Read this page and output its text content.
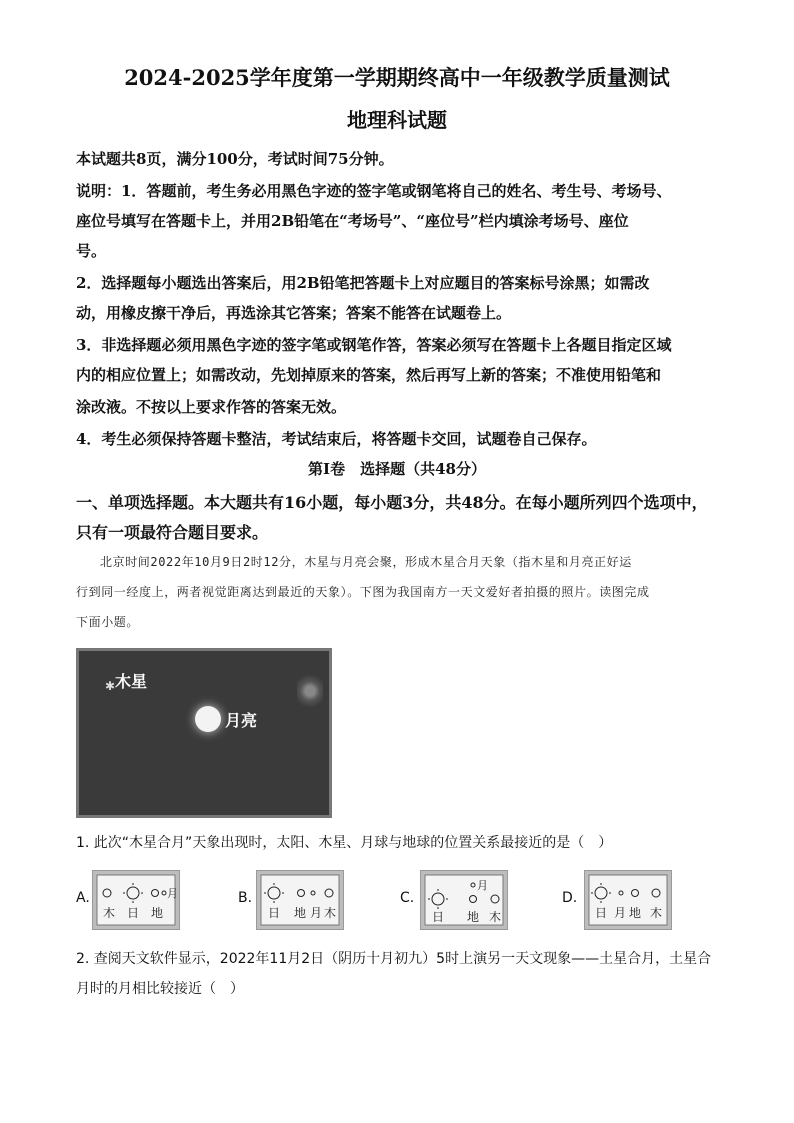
2024-2025学年度第一学期期终高中一年级教学质量测试
地理科试题
本试题共8页，满分100分，考试时间75分钟。
说明：1．答题前，考生务必用黑色字迹的签字笔或钢笔将自己的姓名、考生号、考场号、
座位号填写在答题卡上，并用2B铅笔在“考场号”、“座位号”栏内填涂考场号、座位
号。
2．选择题每小题选出答案后，用2B铅笔把答题卡上对应题目的答案标号涂黑；如需改
动，用橡皮擦干净后，再选涂其它答案；答案不能答在试题卷上。
3．非选择题必须用黑色字迹的签字笔或钢笔作答，答案必须写在答题卡上各题目指定区域
内的相应位置上；如需改动，先划掉原来的答案，然后再写上新的答案；不准使用铅笔和
涂改液。不按以上要求作答的答案无效。
4．考生必须保持答题卡整洁，考试结束后，将答题卡交回，试题卷自己保存。
第Ⅰ卷　选择题（共48分）
一、单项选择题。本大题共有16小题，每小题3分，共48分。在每小题所列四个选项中，
只有一项最符合题目要求。
北京时间2022年10月9日2时12分，木星与月亮会聚，形成木星合月天象（指木星和月亮正好运
行到同一经度上，两者视觉距离达到最近的天象）。下图为我国南方一天文爱好者拍摄的照片。读图完成
下面小题。
✱ 木星
月亮
1. 此次“木星合月”天象出现时，太阳、木星、月球与地球的位置关系最接近的是（　）
A.
木 日 地
月	B.
日 地 月 木
C.
日
月
地 木
D.
日 月 地 木
2. 查阅天文软件显示，2022年11月2日（阴历十月初九）5时上演另一天文现象——土星合月，土星合
月时的月相比较接近（　）
